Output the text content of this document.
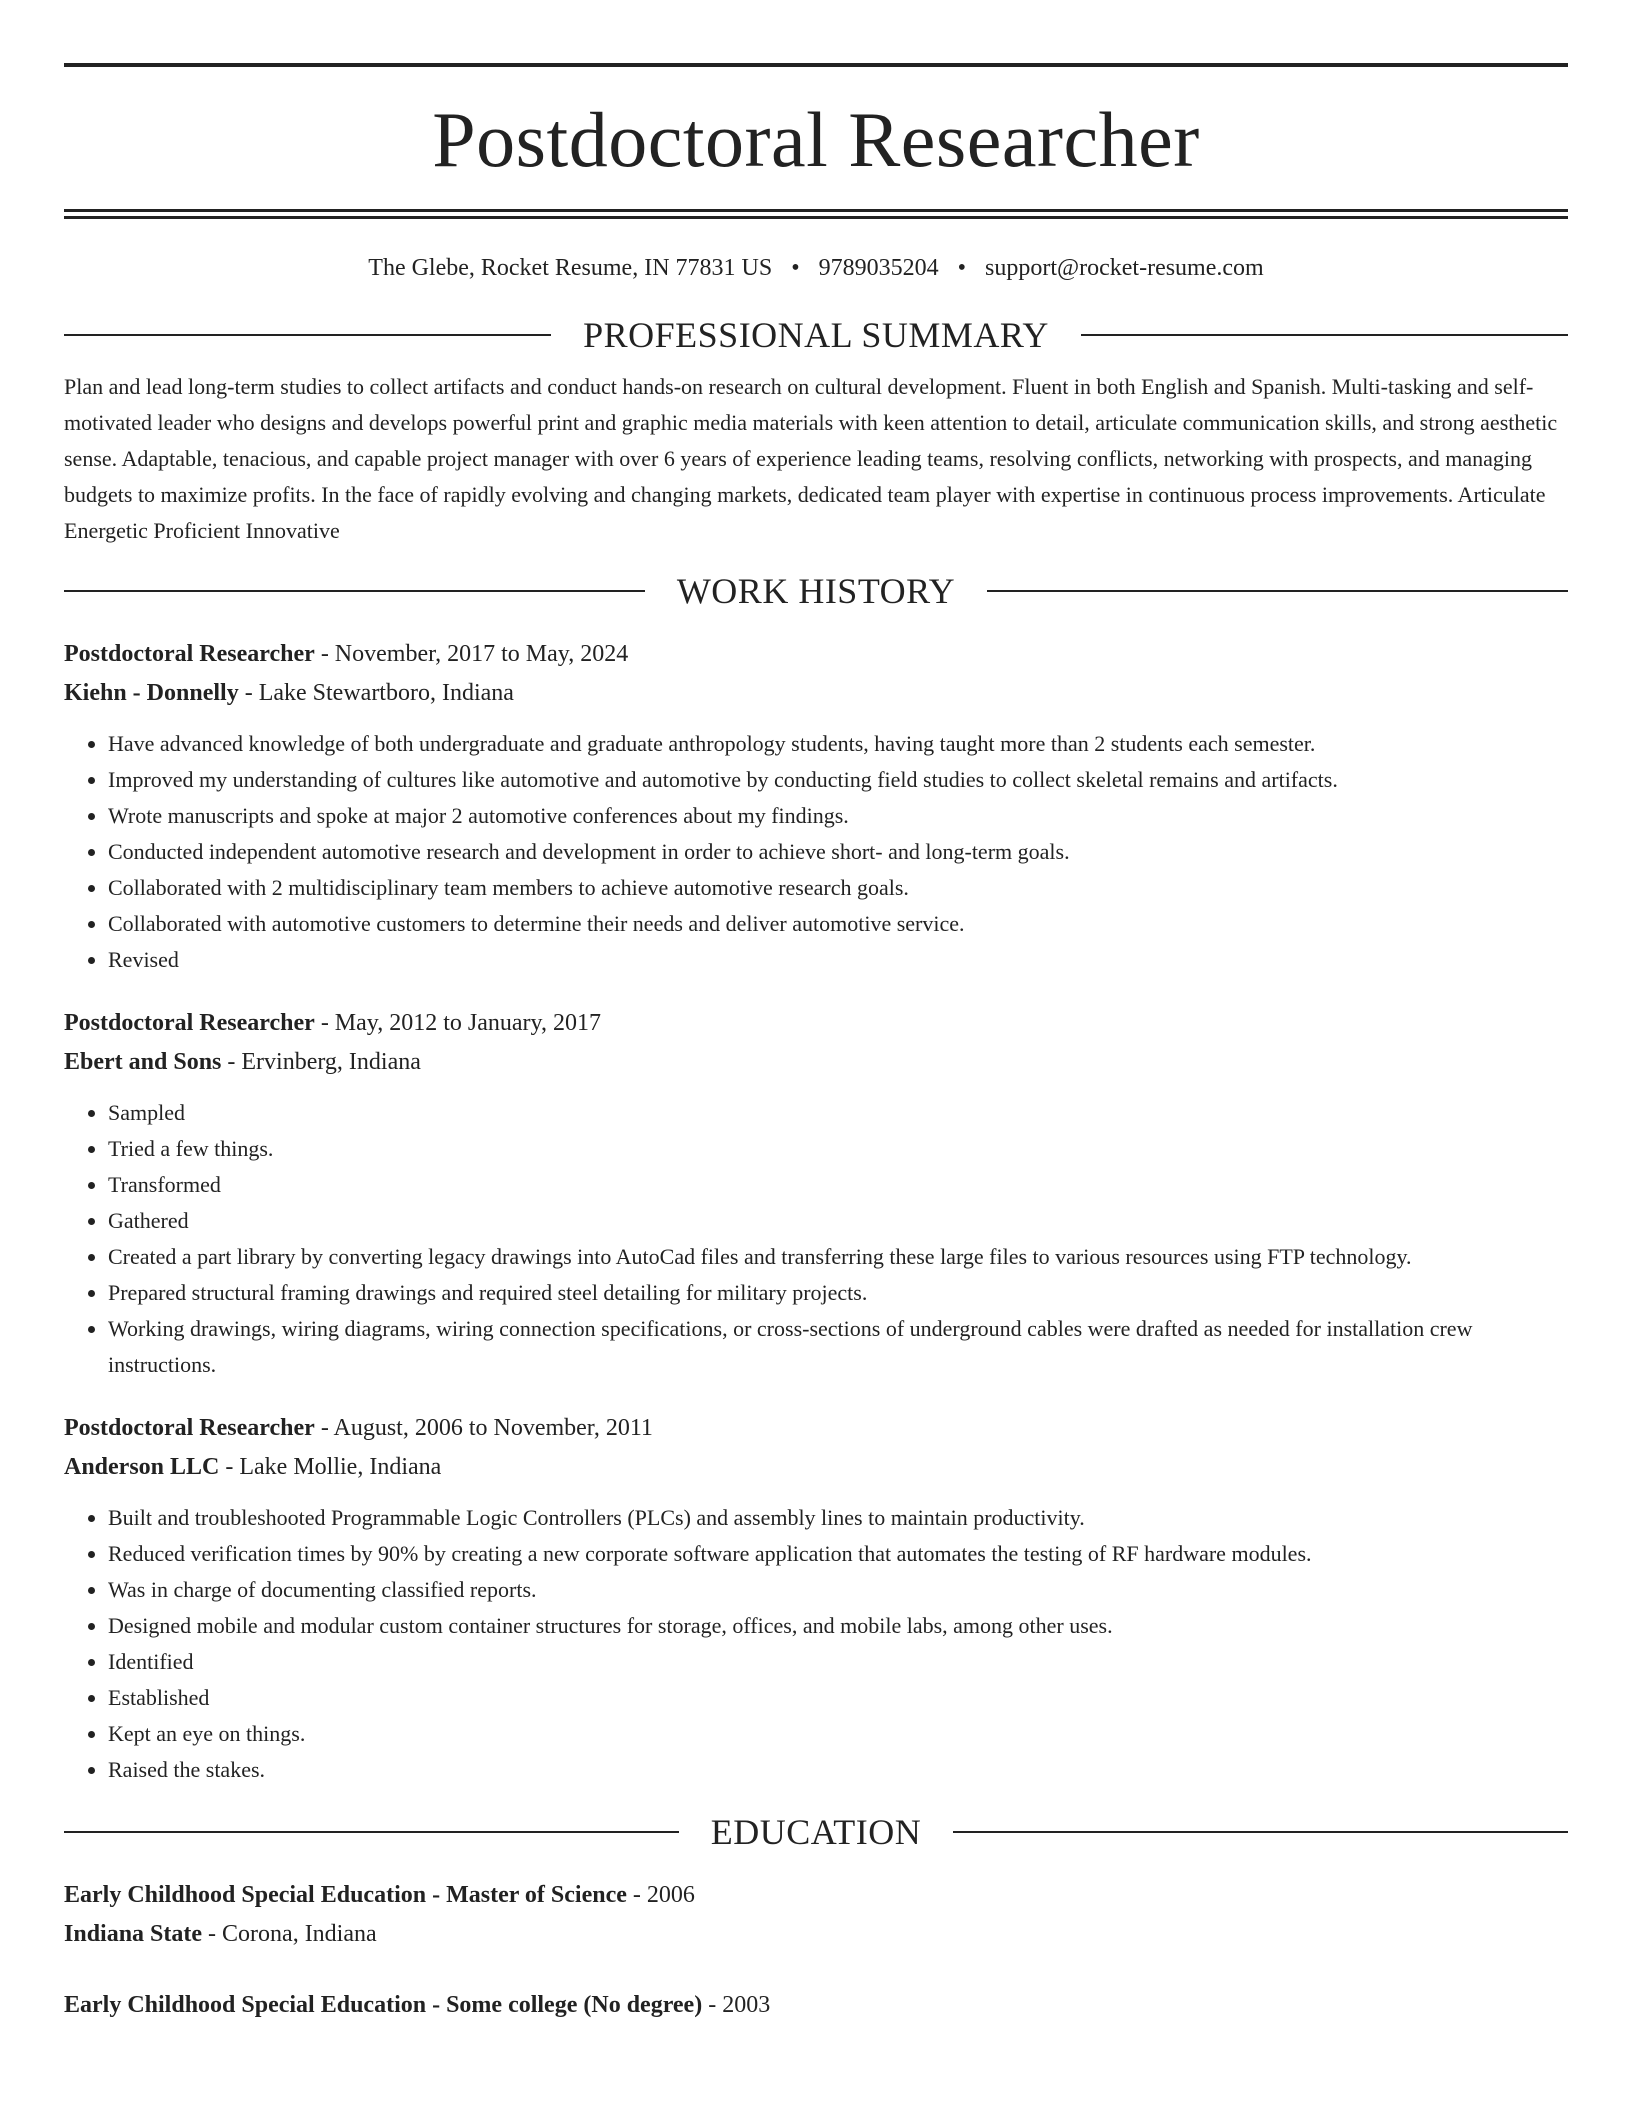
Postdoctoral Researcher
The Glebe, Rocket Resume, IN 77831 US • 9789035204 • support@rocket-resume.com
PROFESSIONAL SUMMARY

Plan and lead long-term studies to collect artifacts and conduct hands-on research on cultural development. Fluent in both English and Spanish. Multi-tasking and self-motivated leader who designs and develops powerful print and graphic media materials with keen attention to detail, articulate communication skills, and strong aesthetic sense. Adaptable, tenacious, and capable project manager with over 6 years of experience leading teams, resolving conflicts, networking with prospects, and managing budgets to maximize profits. In the face of rapidly evolving and changing markets, dedicated team player with expertise in continuous process improvements. Articulate Energetic Proficient Innovative

WORK HISTORY
Postdoctoral Researcher - November, 2017 to May, 2024
Kiehn - Donnelly - Lake Stewartboro, Indiana
• Have advanced knowledge of both undergraduate and graduate anthropology students, having taught more than 2 students each semester.
• Improved my understanding of cultures like automotive and automotive by conducting field studies to collect skeletal remains and artifacts.
• Wrote manuscripts and spoke at major 2 automotive conferences about my findings.
• Conducted independent automotive research and development in order to achieve short- and long-term goals.
• Collaborated with 2 multidisciplinary team members to achieve automotive research goals.
• Collaborated with automotive customers to determine their needs and deliver automotive service.
• Revised
Postdoctoral Researcher - May, 2012 to January, 2017
Ebert and Sons - Ervinberg, Indiana
• Sampled
• Tried a few things.
• Transformed
• Gathered
• Created a part library by converting legacy drawings into AutoCad files and transferring these large files to various resources using FTP technology.
• Prepared structural framing drawings and required steel detailing for military projects.
• Working drawings, wiring diagrams, wiring connection specifications, or cross-sections of underground cables were drafted as needed for installation crew instructions.
Postdoctoral Researcher - August, 2006 to November, 2011
Anderson LLC - Lake Mollie, Indiana
• Built and troubleshooted Programmable Logic Controllers (PLCs) and assembly lines to maintain productivity.
• Reduced verification times by 90% by creating a new corporate software application that automates the testing of RF hardware modules.
• Was in charge of documenting classified reports.
• Designed mobile and modular custom container structures for storage, offices, and mobile labs, among other uses.
• Identified
• Established
• Kept an eye on things.
• Raised the stakes.
EDUCATION
Early Childhood Special Education - Master of Science - 2006
Indiana State - Corona, Indiana
Early Childhood Special Education - Some college (No degree) - 2003
